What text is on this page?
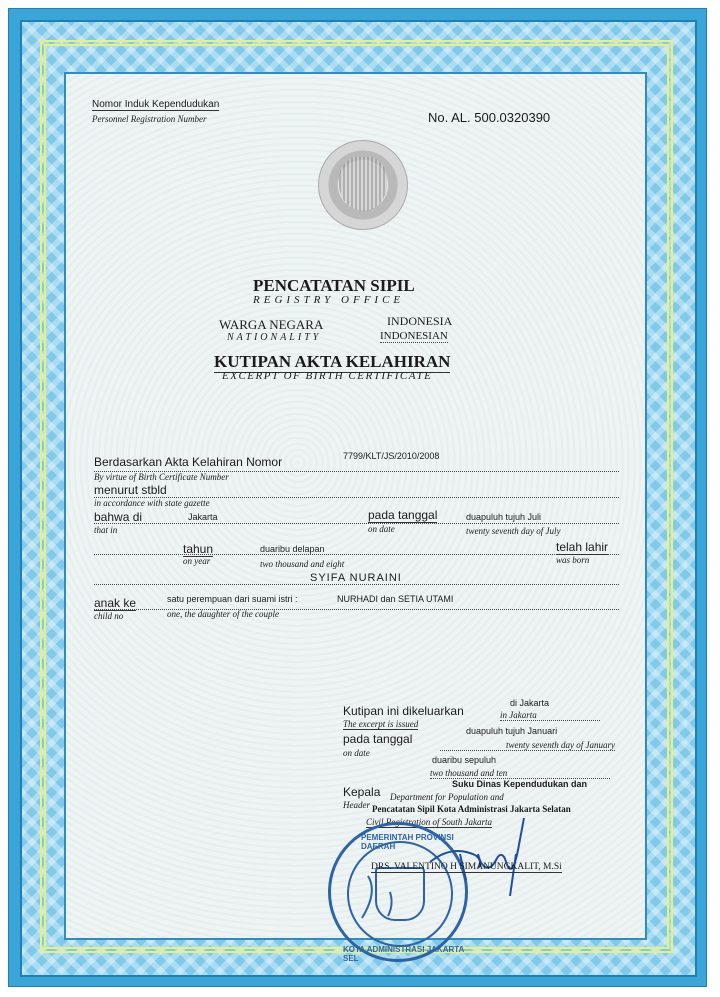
Nomor Induk Kependudukan
Personnel Registration Number	No. AL. 500.0320390
PENCATATAN SIPIL
REGISTRY OFFICE
WARGA NEGARA
NATIONALITY
INDONESIA
INDONESIAN
KUTIPAN AKTA KELAHIRAN
EXCERPT OF BIRTH CERTIFICATE
Berdasarkan Akta Kelahiran Nomor	7799/KLT/JS/2010/2008
By virtue of Birth Certificate Number
menurut stbld
in accordance with state gazette
bahwa di
that in
Jakarta	pada tanggal
on date
duapuluh tujuh Juli
twenty seventh day of July
tahun
on year
duaribu delapan
two thousand and eight
telah lahir
was born
SYIFA NURAINI
anak ke
child no
satu perempuan dari suami istri :	NURHADI dan SETIA UTAMI
one, the daughter of the couple
Kutipan ini dikeluarkan
The excerpt is issued
di Jakarta
in Jakarta
pada tanggal
on date
duapuluh tujuh Januari
twenty seventh day of January
duaribu sepuluh
two thousand and ten
Kepala
Header
Suku Dinas Kependudukan dan
Department for Population and
Pencatatan Sipil Kota Administrasi Jakarta Selatan
Civil Registration of South Jakarta
PEMERINTAH PROVINSI DAERAH
KOTA ADMINISTRASI JAKARTA SEL
DRS. VALENTINO H SIMANUNGKALIT, M.Si
